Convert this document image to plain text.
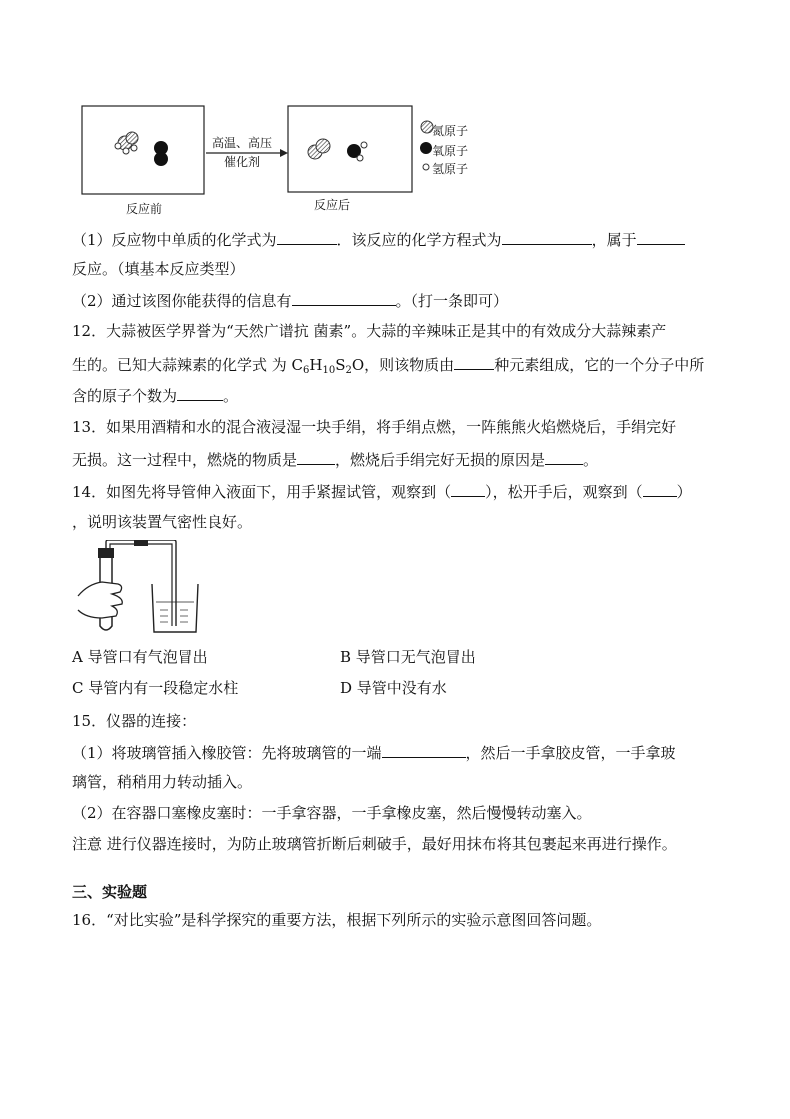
高温、高压
催化剂
反应前	反应后
氮原子
氧原子
氢原子
（1）反应物中单质的化学式为	．该反应的化学方程式为	，属于
反应。（填基本反应类型）
（2）通过该图你能获得的信息有	。（打一条即可）
12．大蒜被医学界誉为“天然广谱抗 菌素”。大蒜的辛辣味正是其中的有效成分大蒜辣素产
生的。已知大蒜辣素的化学式 为 $C_6H_{10}S_2O$，则该物质由	种元素组成，它的一个分子中所
含的原子个数为	。
13．如果用酒精和水的混合液浸湿一块手绢，将手绢点燃，一阵熊熊火焰燃烧后，手绢完好
无损。这一过程中，燃烧的物质是	，燃烧后手绢完好无损的原因是	。
14．如图先将导管伸入液面下，用手紧握试管，观察到（ ），松开手后，观察到（ ）
，说明该装置气密性良好。
A 导管口有气泡冒出	B 导管口无气泡冒出
C 导管内有一段稳定水柱	D 导管中没有水
15．仪器的连接：
（1）将玻璃管插入橡胶管：先将玻璃管的一端	，然后一手拿胶皮管，一手拿玻
璃管，稍稍用力转动插入。
（2）在容器口塞橡皮塞时：一手拿容器，一手拿橡皮塞，然后慢慢转动塞入。
注意 进行仪器连接时，为防止玻璃管折断后刺破手，最好用抹布将其包裹起来再进行操作。
三、实验题
16．“对比实验”是科学探究的重要方法，根据下列所示的实验示意图回答问题。
